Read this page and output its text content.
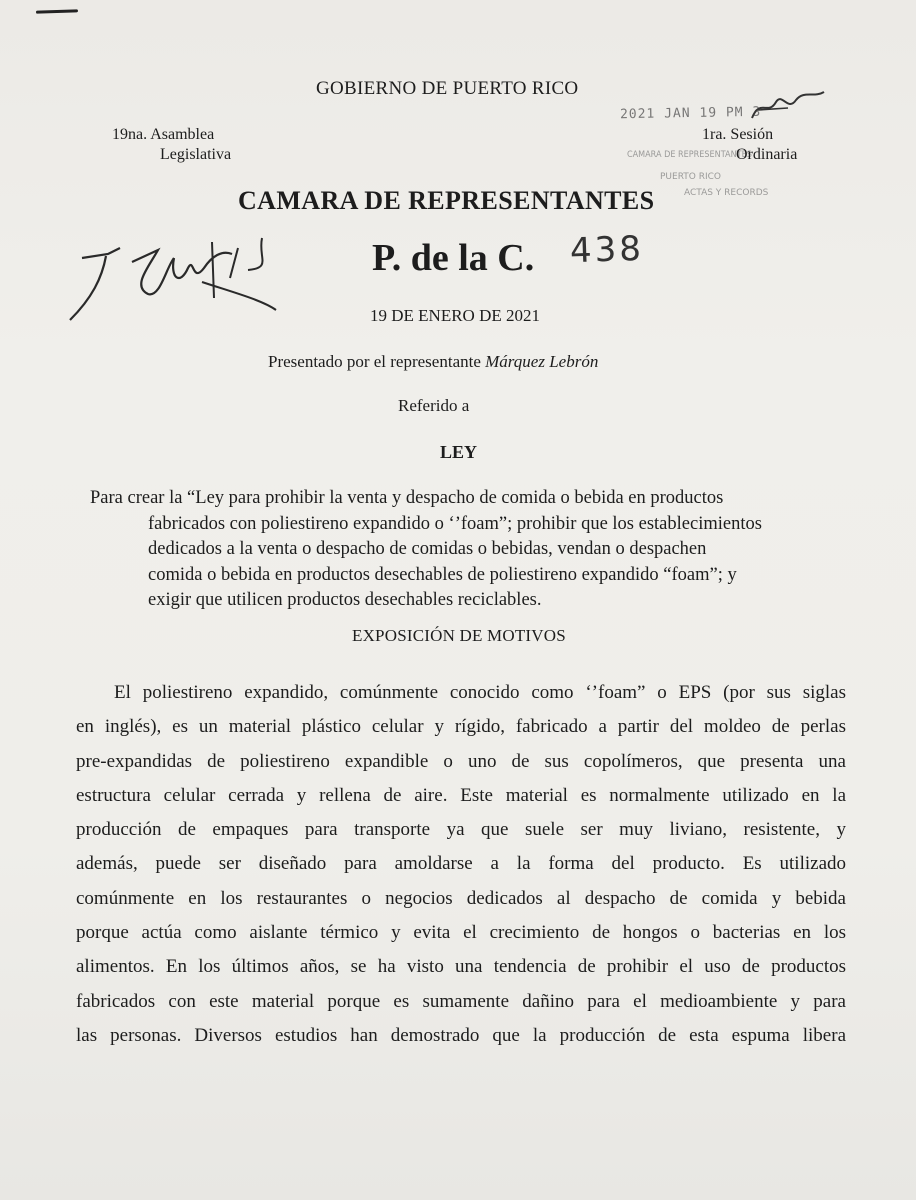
GOBIERNO DE PUERTO RICO
19na. Asamblea
Legislativa
2021 JAN 19 PM 3
CAMARA DE REPRESENTANTES
PUERTO RICO
ACTAS Y RECORDS
1ra. Sesión
Ordinaria
CAMARA DE REPRESENTANTES
P. de la C. 438
19 DE ENERO DE 2021
Presentado por el representante Márquez Lebrón
Referido a
LEY
Para crear la “Ley para prohibir la venta y despacho de comida o bebida en productos
fabricados con poliestireno expandido o ‘’foam”; prohibir que los establecimientos
dedicados a la venta o despacho de comidas o bebidas, vendan o despachen
comida o bebida en productos desechables de poliestireno expandido “foam”; y
exigir que utilicen productos desechables reciclables.
EXPOSICIÓN DE MOTIVOS
El poliestireno expandido, comúnmente conocido como ‘’foam” o EPS (por sus siglas
en inglés), es un material plástico celular y rígido, fabricado a partir del moldeo de perlas
pre-expandidas de poliestireno expandible o uno de sus copolímeros, que presenta una
estructura celular cerrada y rellena de aire. Este material es normalmente utilizado en la
producción de empaques para transporte ya que suele ser muy liviano, resistente, y
además, puede ser diseñado para amoldarse a la forma del producto. Es utilizado
comúnmente en los restaurantes o negocios dedicados al despacho de comida y bebida
porque actúa como aislante térmico y evita el crecimiento de hongos o bacterias en los
alimentos. En los últimos años, se ha visto una tendencia de prohibir el uso de productos
fabricados con este material porque es sumamente dañino para el medioambiente y para
las personas. Diversos estudios han demostrado que la producción de esta espuma libera
